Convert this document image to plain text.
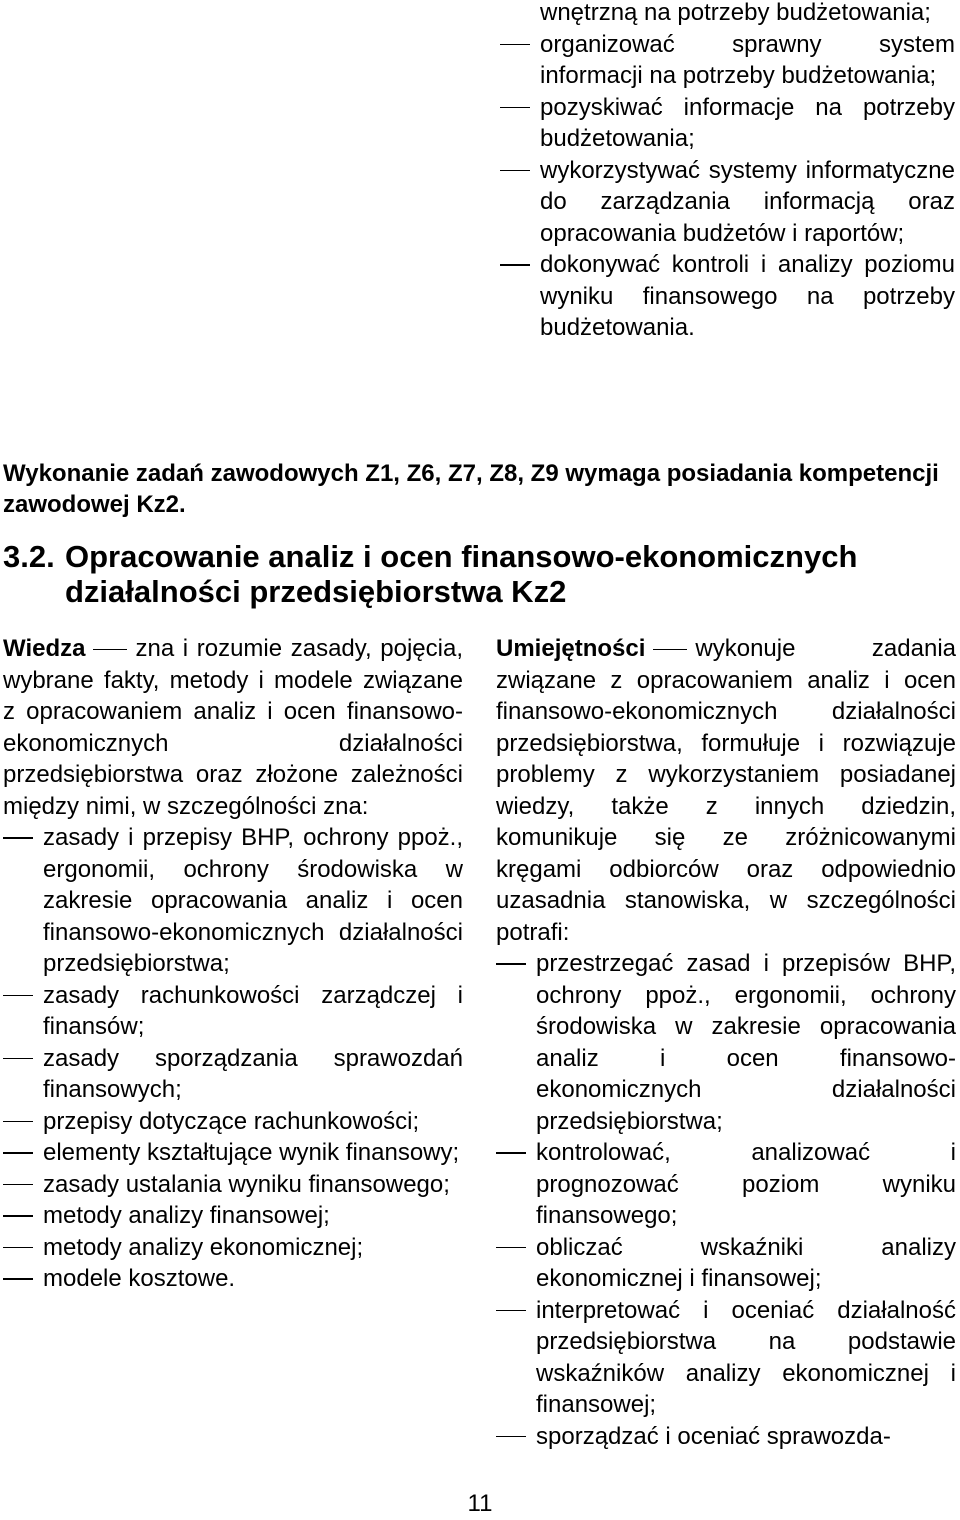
wnętrzną na potrzeby budżetowania;
organizować sprawny system informacji na potrzeby budżetowania;
pozyskiwać informacje na potrzeby budżetowania;
wykorzystywać systemy informatyczne do zarządzania informacją oraz opracowania budżetów i raportów;
dokonywać kontroli i analizy poziomu wyniku finansowego na potrzeby budżetowania.
Wykonanie zadań zawodowych Z1, Z6, Z7, Z8, Z9 wymaga posiadania kompetencji zawodowej Kz2.
3.2. Opracowanie analiz i ocen finansowo-ekonomicznych
działalności przedsiębiorstwa Kz2
Wiedza zna i rozumie zasady, pojęcia, wybrane fakty, metody i modele związane z opracowaniem analiz i ocen finansowo-ekonomicznych działalności przedsiębiorstwa oraz złożone zależności między nimi, w szczególności zna:
zasady i przepisy BHP, ochrony ppoż., ergonomii, ochrony środowiska w zakresie opracowania analiz i ocen finansowo-ekonomicznych działalności przedsiębiorstwa;
zasady rachunkowości zarządczej i finansów;
zasady sporządzania sprawozdań finansowych;
przepisy dotyczące rachunkowości;
elementy kształtujące wynik finansowy;
zasady ustalania wyniku finansowego;
metody analizy finansowej;
metody analizy ekonomicznej;
modele kosztowe.
Umiejętności wykonuje zadania związane z opracowaniem analiz i ocen finansowo-ekonomicznych działalności przedsiębiorstwa, formułuje i rozwiązuje problemy z wykorzystaniem posiadanej wiedzy, także z innych dziedzin, komunikuje się ze zróżnicowanymi kręgami odbiorców oraz odpowiednio uzasadnia stanowiska, w szczególności potrafi:
przestrzegać zasad i przepisów BHP, ochrony ppoż., ergonomii, ochrony środowiska w zakresie opracowania analiz i ocen finansowo-ekonomicznych działalności przedsiębiorstwa;
kontrolować, analizować i prognozować poziom wyniku finansowego;
obliczać wskaźniki analizy ekonomicznej i finansowej;
interpretować i oceniać działalność przedsiębiorstwa na podstawie wskaźników analizy ekonomicznej i finansowej;
sporządzać i oceniać sprawozda-
11
